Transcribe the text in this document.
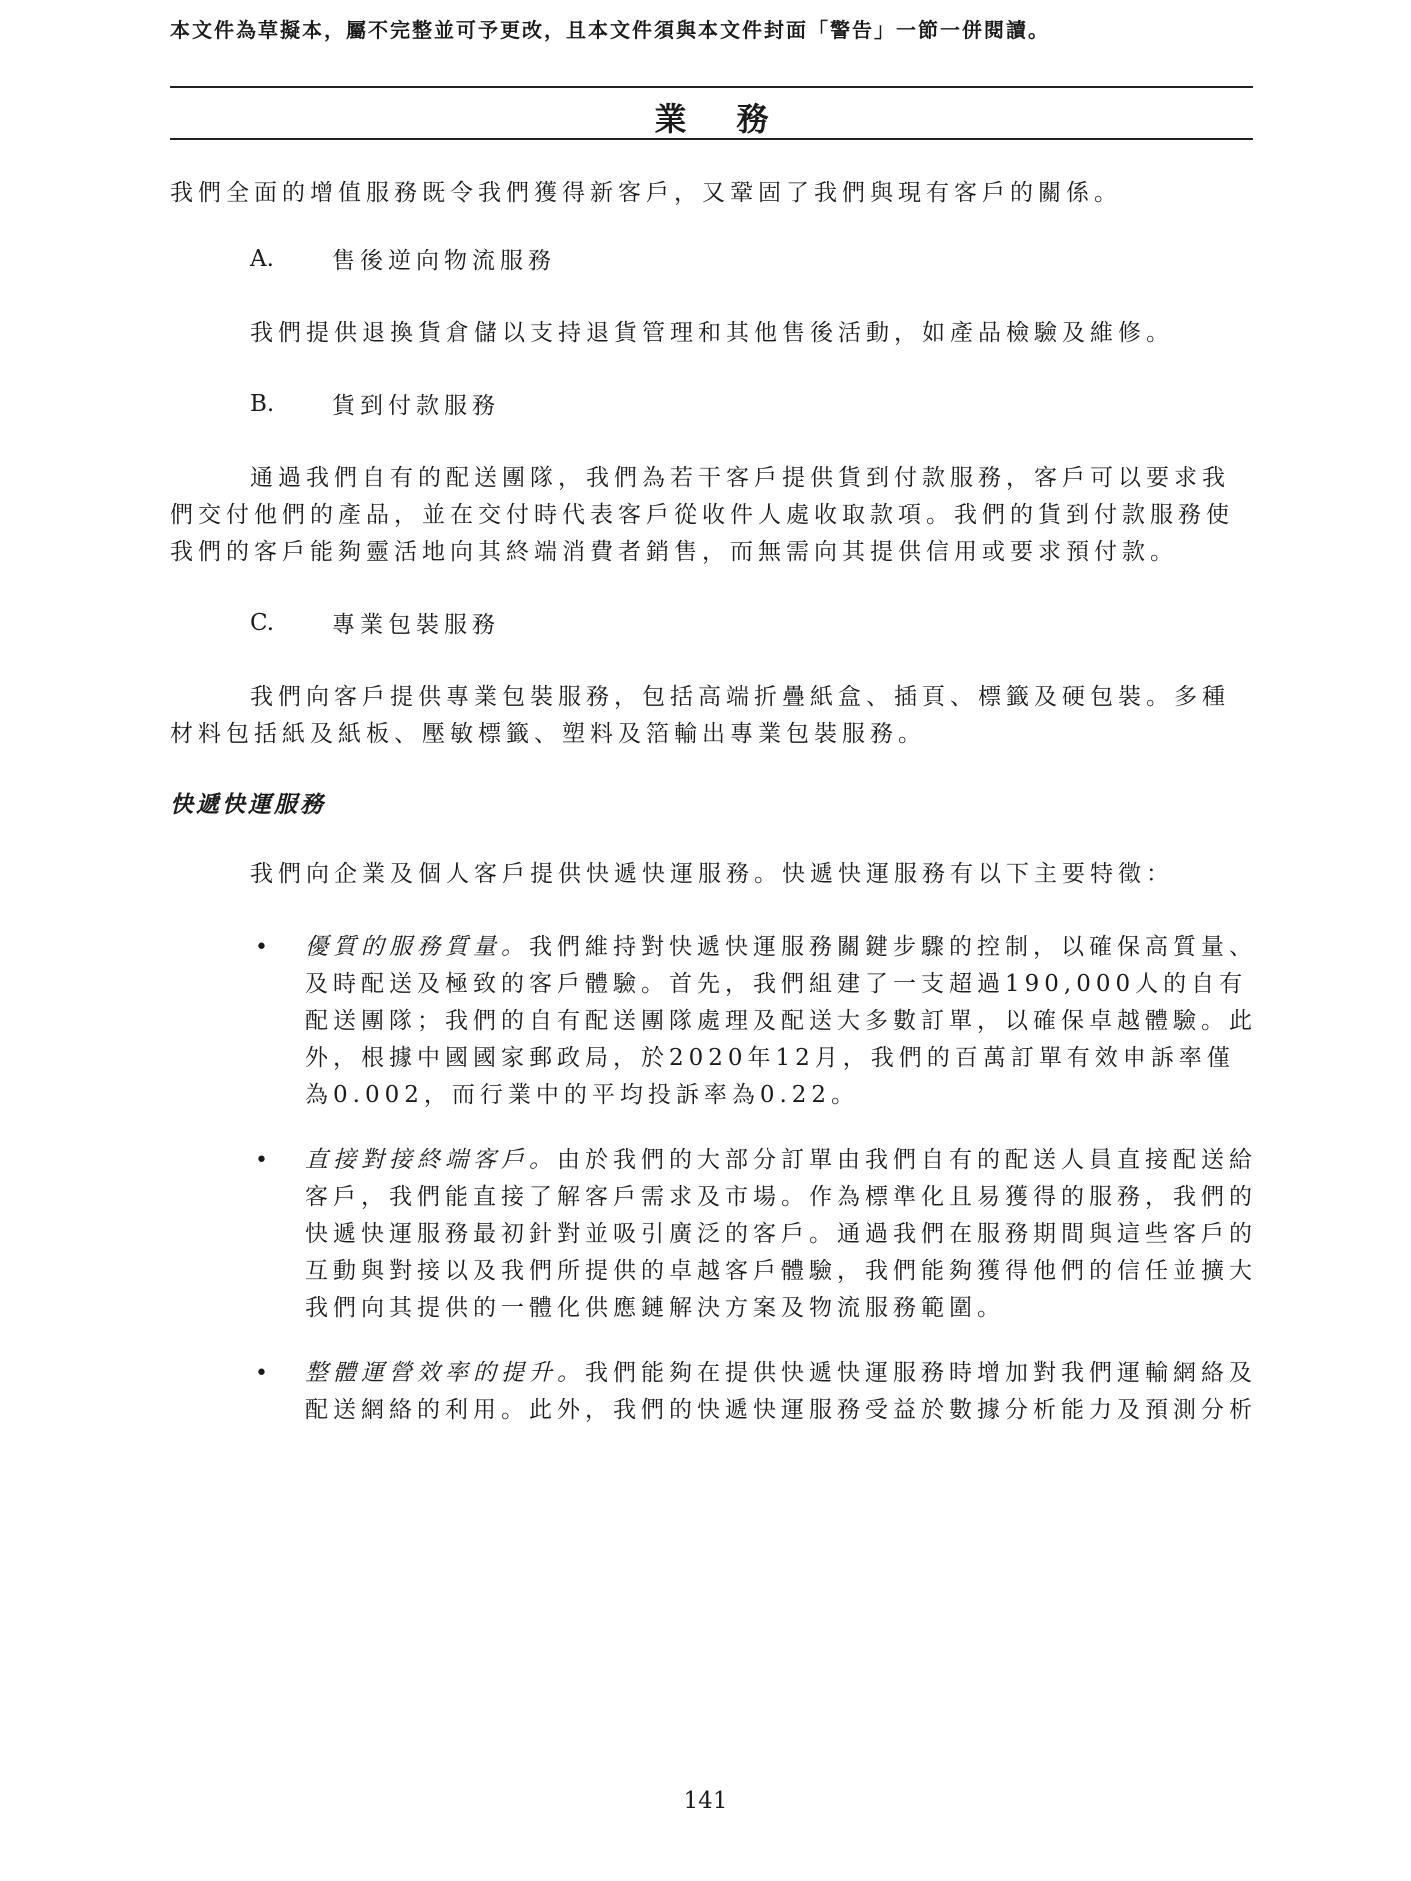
本文件為草擬本，屬不完整並可予更改，且本文件須與本文件封面「警告」一節一併閱讀。
業務

我們全面的增值服務既令我們獲得新客戶，又鞏固了我們與現有客戶的關係。

A.	售後逆向物流服務

我們提供退換貨倉儲以支持退貨管理和其他售後活動，如產品檢驗及維修。

B.	貨到付款服務

通過我們自有的配送團隊，我們為若干客戶提供貨到付款服務，客戶可以要求我們交付他們的產品，並在交付時代表客戶從收件人處收取款項。我們的貨到付款服務使我們的客戶能夠靈活地向其終端消費者銷售，而無需向其提供信用或要求預付款。

C.	專業包裝服務

我們向客戶提供專業包裝服務，包括高端折疊紙盒、插頁、標籤及硬包裝。多種材料包括紙及紙板、壓敏標籤、塑料及箔輸出專業包裝服務。

快遞快運服務

我們向企業及個人客戶提供快遞快運服務。快遞快運服務有以下主要特徵：

• 優質的服務質量。我們維持對快遞快運服務關鍵步驟的控制，以確保高質量、及時配送及極致的客戶體驗。首先，我們組建了一支超過190,000人的自有配送團隊；我們的自有配送團隊處理及配送大多數訂單，以確保卓越體驗。此外，根據中國國家郵政局，於2020年12月，我們的百萬訂單有效申訴率僅為0.002，而行業中的平均投訴率為0.22。

• 直接對接終端客戶。由於我們的大部分訂單由我們自有的配送人員直接配送給客戶，我們能直接了解客戶需求及市場。作為標準化且易獲得的服務，我們的快遞快運服務最初針對並吸引廣泛的客戶。通過我們在服務期間與這些客戶的互動與對接以及我們所提供的卓越客戶體驗，我們能夠獲得他們的信任並擴大我們向其提供的一體化供應鏈解決方案及物流服務範圍。

• 整體運營效率的提升。我們能夠在提供快遞快運服務時增加對我們運輸網絡及配送網絡的利用。此外，我們的快遞快運服務受益於數據分析能力及預測分析

141
